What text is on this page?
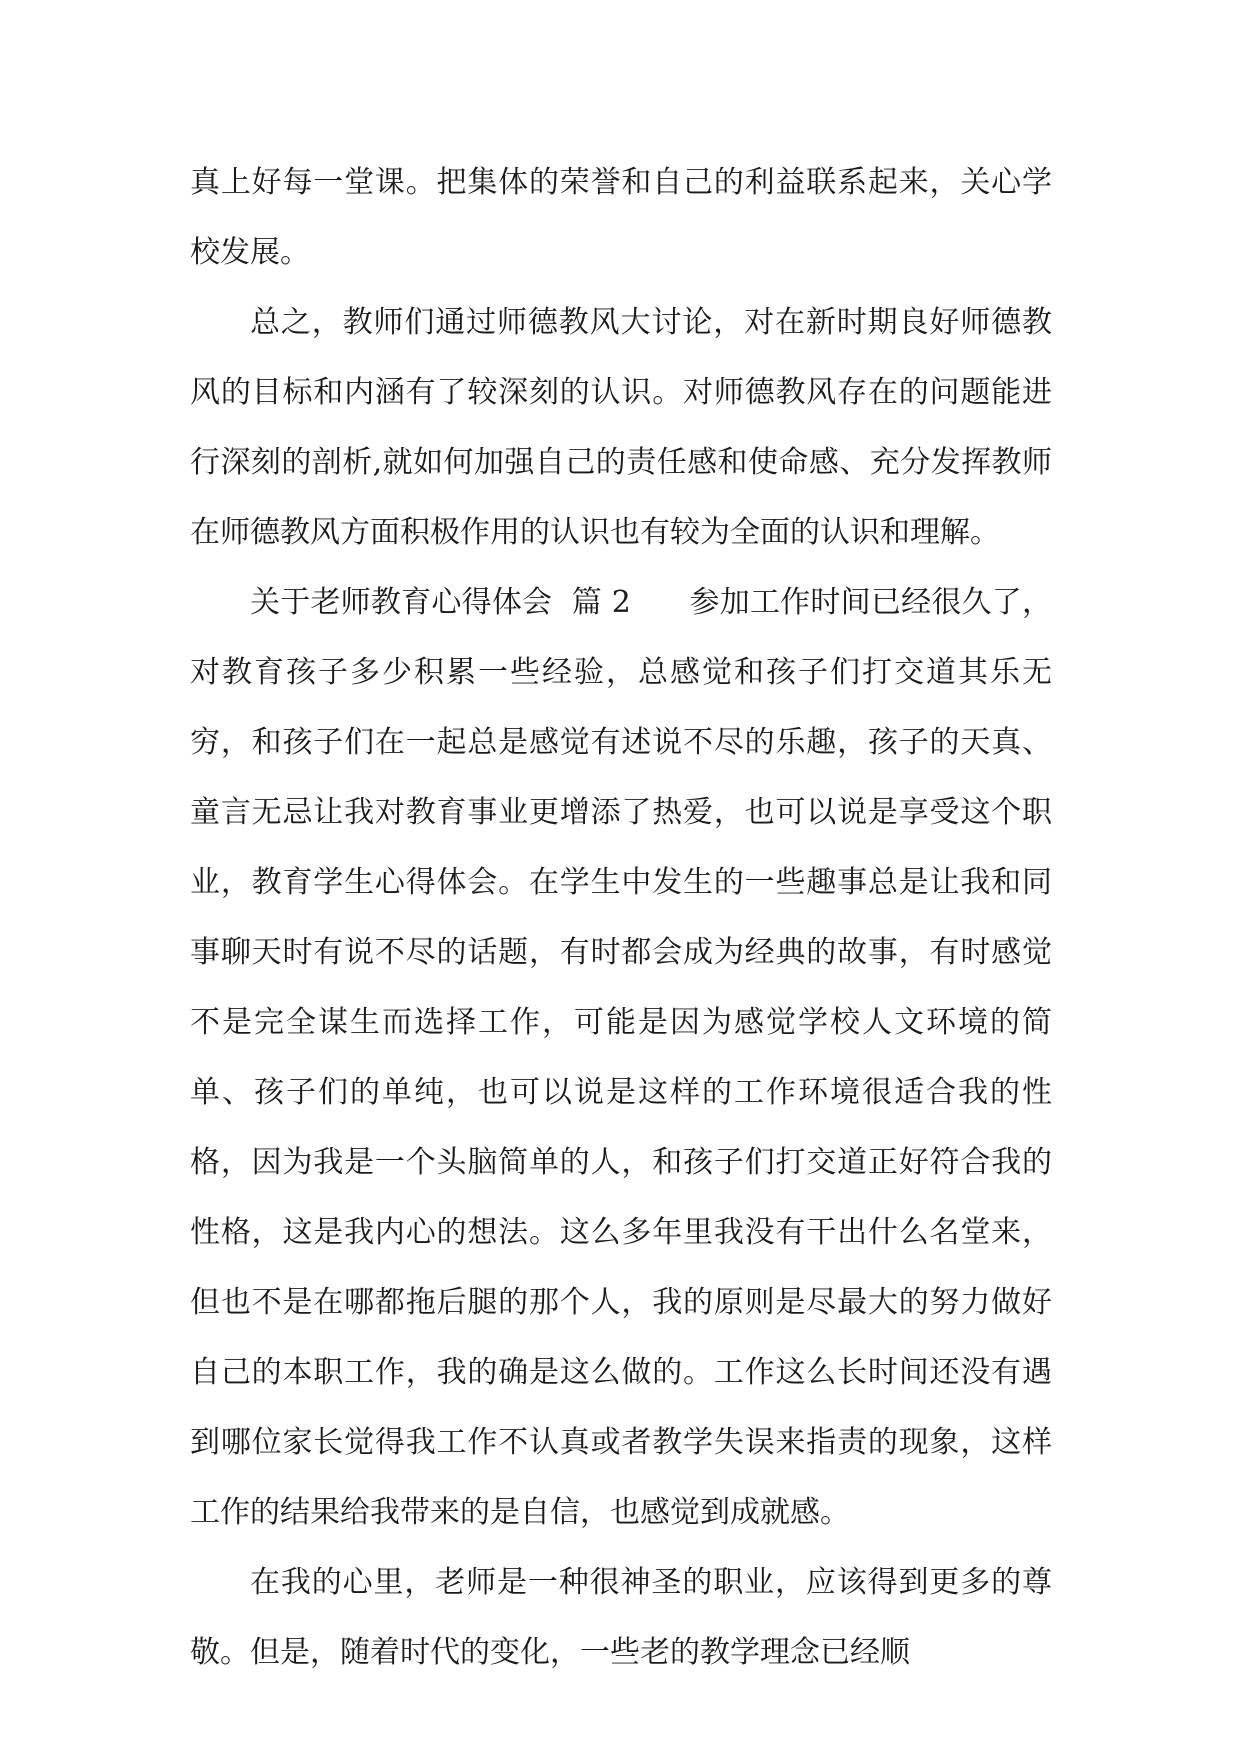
真上好每一堂课。把集体的荣誉和自己的利益联系起来，关心学校发展。

总之，教师们通过师德教风大讨论，对在新时期良好师德教风的目标和内涵有了较深刻的认识。对师德教风存在的问题能进行深刻的剖析,就如何加强自己的责任感和使命感、充分发挥教师在师德教风方面积极作用的认识也有较为全面的认识和理解。

关于老师教育心得体会  篇 2 参加工作时间已经很久了，对教育孩子多少积累一些经验，总感觉和孩子们打交道其乐无穷，和孩子们在一起总是感觉有述说不尽的乐趣，孩子的天真、童言无忌让我对教育事业更增添了热爱，也可以说是享受这个职业，教育学生心得体会。在学生中发生的一些趣事总是让我和同事聊天时有说不尽的话题，有时都会成为经典的故事，有时感觉不是完全谋生而选择工作，可能是因为感觉学校人文环境的简单、孩子们的单纯，也可以说是这样的工作环境很适合我的性格，因为我是一个头脑简单的人，和孩子们打交道正好符合我的性格，这是我内心的想法。这么多年里我没有干出什么名堂来，但也不是在哪都拖后腿的那个人，我的原则是尽最大的努力做好自己的本职工作，我的确是这么做的。工作这么长时间还没有遇到哪位家长觉得我工作不认真或者教学失误来指责的现象，这样工作的结果给我带来的是自信，也感觉到成就感。

在我的心里，老师是一种很神圣的职业，应该得到更多的尊敬。但是，随着时代的变化，一些老的教学理念已经顺
